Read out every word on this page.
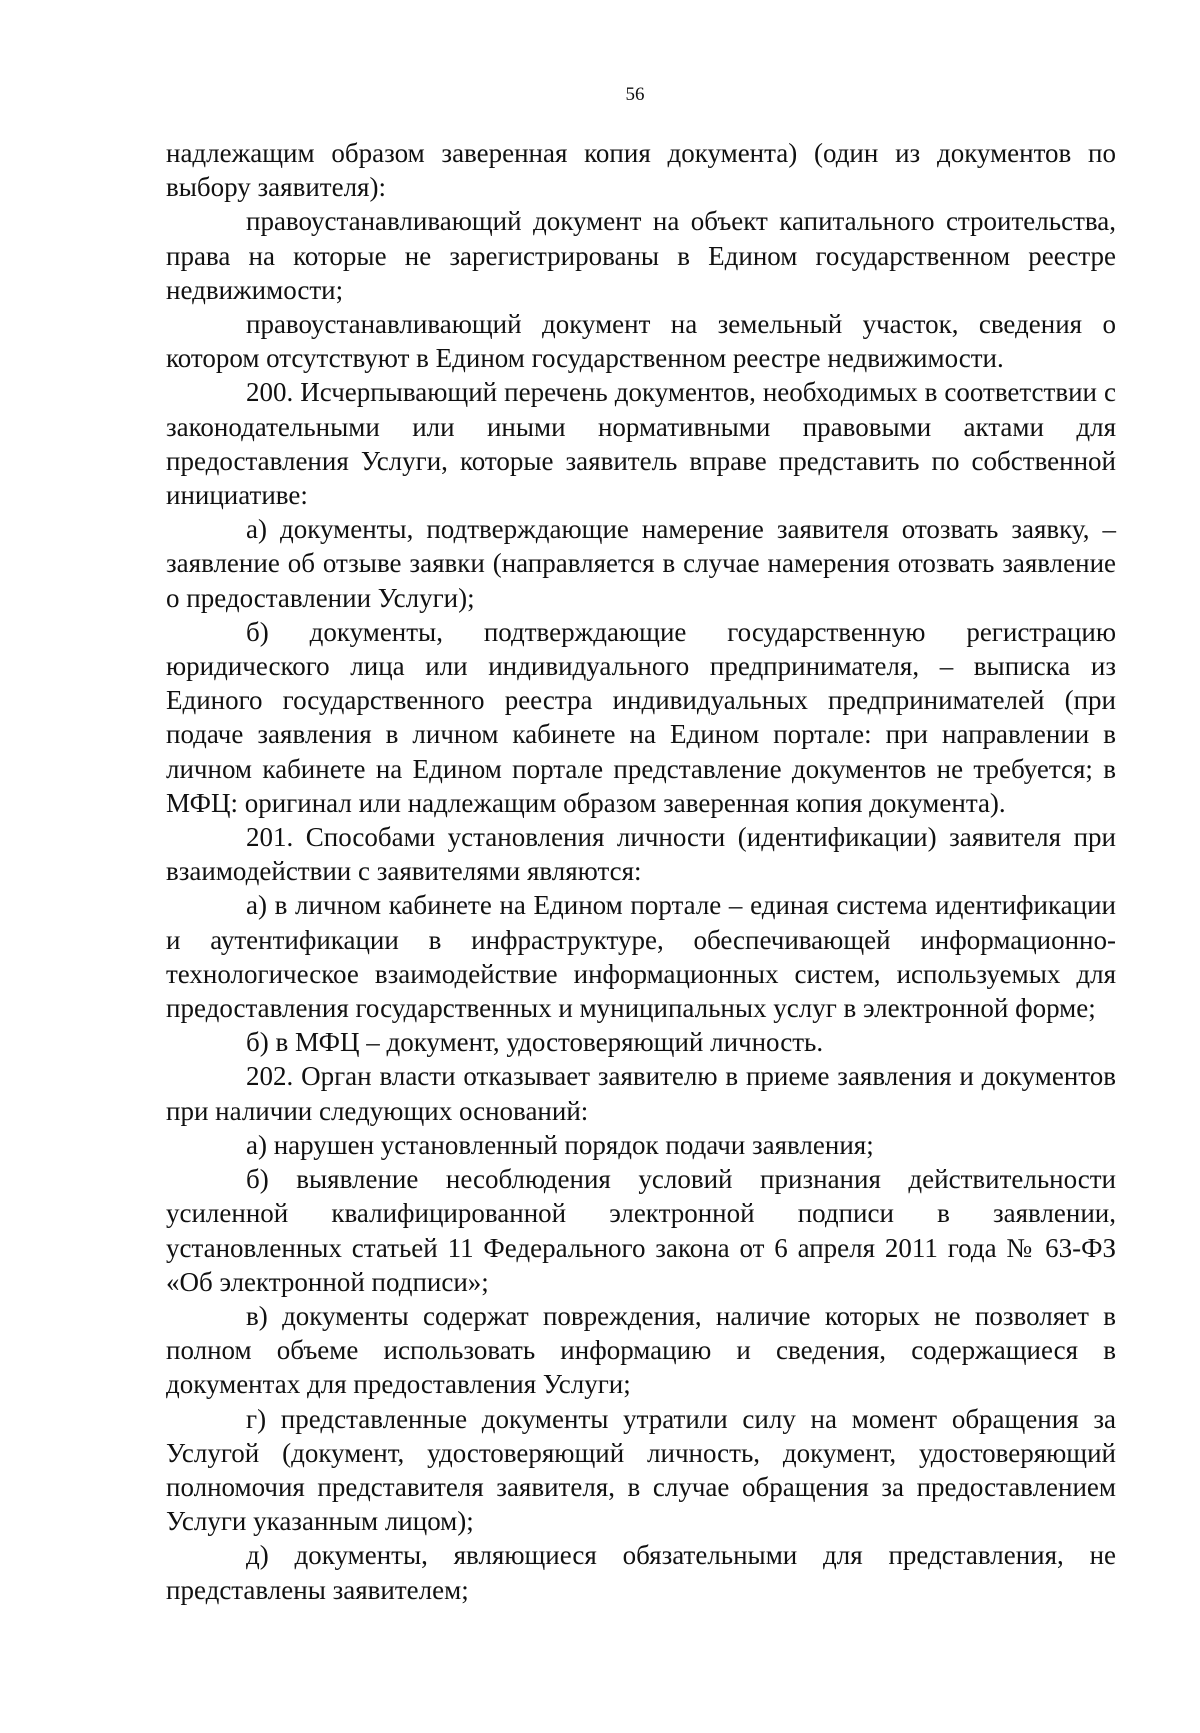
56

надлежащим образом заверенная копия документа) (один из документов по выбору заявителя):

правоустанавливающий документ на объект капитального строительства, права на которые не зарегистрированы в Едином государственном реестре недвижимости;

правоустанавливающий документ на земельный участок, сведения о котором отсутствуют в Едином государственном реестре недвижимости.

200. Исчерпывающий перечень документов, необходимых в соответствии с законодательными или иными нормативными правовыми актами для предоставления Услуги, которые заявитель вправе представить по собственной инициативе:

а) документы, подтверждающие намерение заявителя отозвать заявку, – заявление об отзыве заявки (направляется в случае намерения отозвать заявление о предоставлении Услуги);

б) документы, подтверждающие государственную регистрацию юридического лица или индивидуального предпринимателя, – выписка из Единого государственного реестра индивидуальных предпринимателей (при подаче заявления в личном кабинете на Едином портале: при направлении в личном кабинете на Едином портале представление документов не требуется; в МФЦ: оригинал или надлежащим образом заверенная копия документа).

201. Способами установления личности (идентификации) заявителя при взаимодействии с заявителями являются:

а) в личном кабинете на Едином портале – единая система идентификации и аутентификации в инфраструктуре, обеспечивающей информационно-технологическое взаимодействие информационных систем, используемых для предоставления государственных и муниципальных услуг в электронной форме;

б) в МФЦ – документ, удостоверяющий личность.

202. Орган власти отказывает заявителю в приеме заявления и документов при наличии следующих оснований:

а) нарушен установленный порядок подачи заявления;

б) выявление несоблюдения условий признания действительности усиленной квалифицированной электронной подписи в заявлении, установленных статьей 11 Федерального закона от 6 апреля 2011 года № 63-ФЗ «Об электронной подписи»;

в) документы содержат повреждения, наличие которых не позволяет в полном объеме использовать информацию и сведения, содержащиеся в документах для предоставления Услуги;

г) представленные документы утратили силу на момент обращения за Услугой (документ, удостоверяющий личность, документ, удостоверяющий полномочия представителя заявителя, в случае обращения за предоставлением Услуги указанным лицом);

д) документы, являющиеся обязательными для представления, не представлены заявителем;
